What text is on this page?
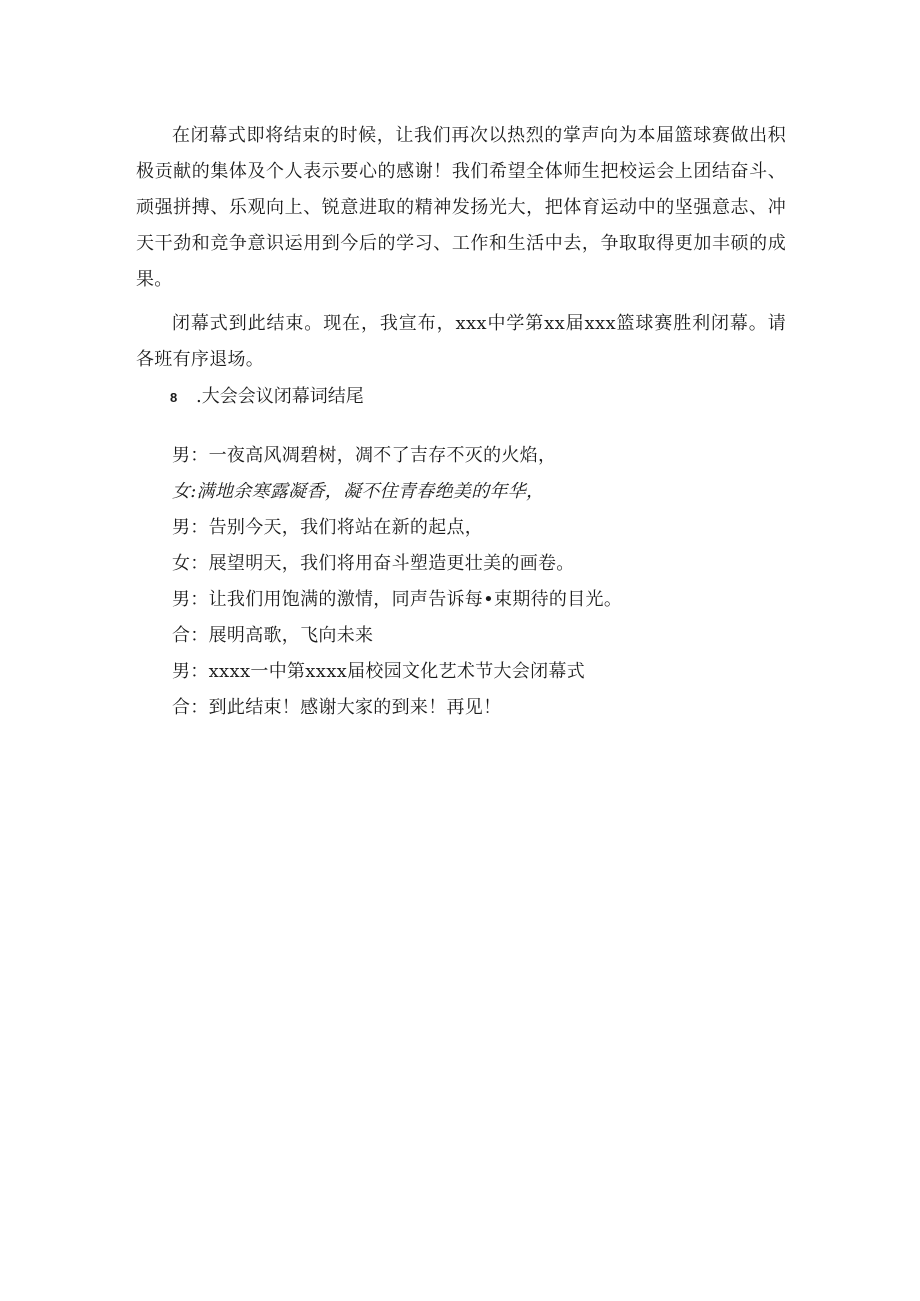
在闭幕式即将结束的时候，让我们再次以热烈的掌声向为本届篮球赛做出积极贡献的集体及个人表示要心的感谢！我们希望全体师生把校运会上团结奋斗、顽强拼搏、乐观向上、锐意进取的精神发扬光大，把体育运动中的坚强意志、冲天干劲和竞争意识运用到今后的学习、工作和生活中去，争取取得更加丰硕的成果。

闭幕式到此结束。现在，我宣布，xxx中学第xx届xxx篮球赛胜利闭幕。请各班有序退场。

8 .大会会议闭幕词结尾

男：一夜高风凋碧树，凋不了吉存不灭的火焰，
女:满地余寒露凝香，凝不住青春绝美的年华，
男：告别今天，我们将站在新的起点，
女：展望明天，我们将用奋斗塑造更壮美的画卷。
男：让我们用饱满的激情，同声告诉每•束期待的目光。
合：展明高歌，飞向未来
男：xxxx一中第xxxx届校园文化艺术节大会闭幕式
合：到此结束！感谢大家的到来！再见！
